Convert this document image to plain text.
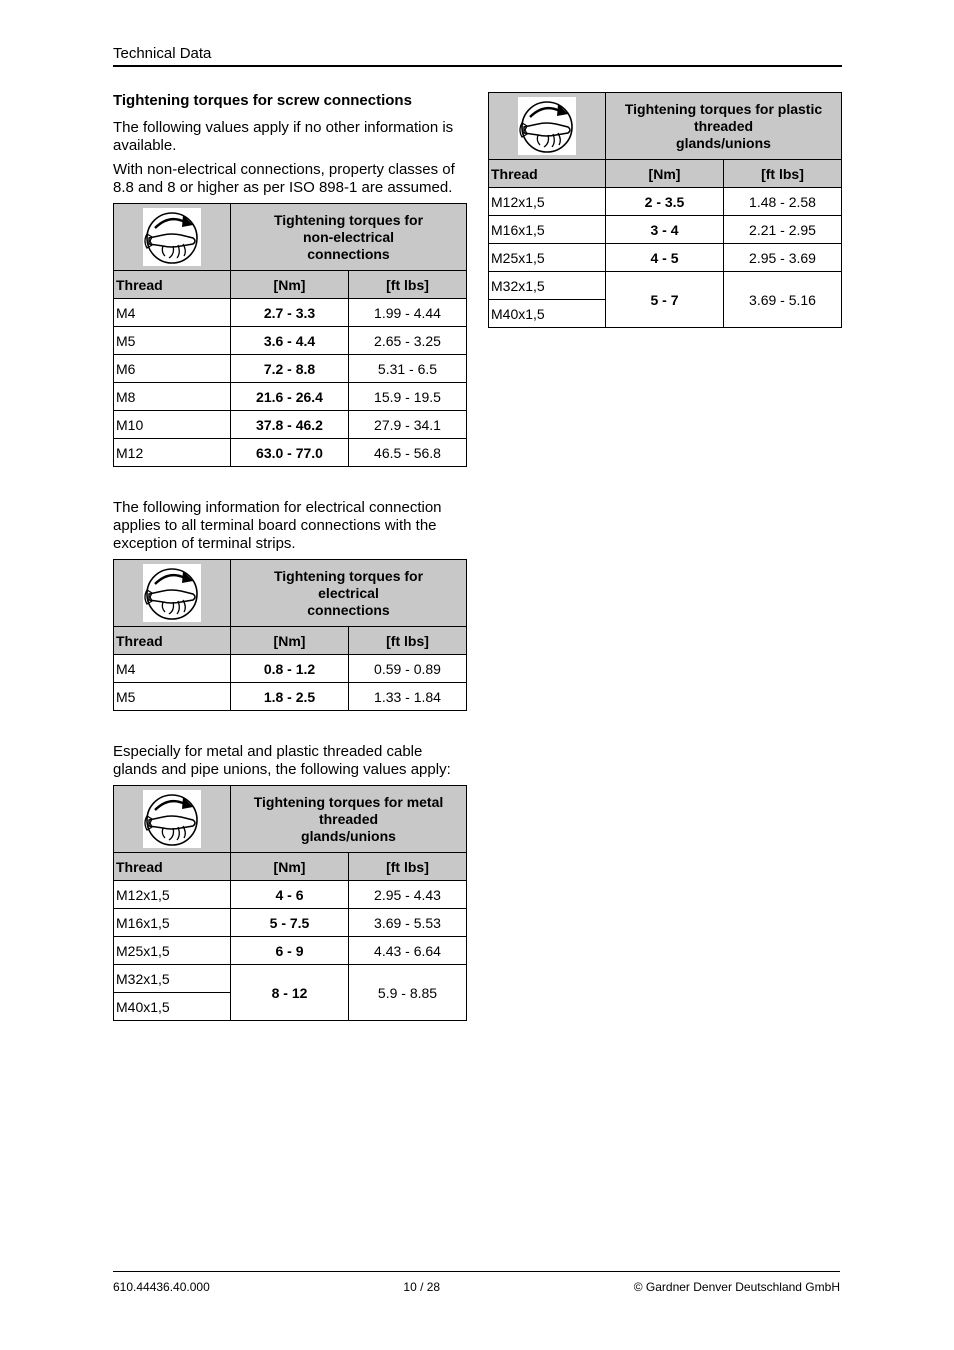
Technical Data
Tightening torques for screw connections

The following values apply if no other information is available.

With non-electrical connections, property classes of 8.8 and 8 or higher as per ISO 898-1 are assumed.

Tightening torques for
non-electrical
connections	

Thread	[Nm]	[ft lbs]
M4	2.7 - 3.3	1.99 - 4.44
M5	3.6 - 4.4	2.65 - 3.25
M6	7.2 - 8.8	5.31 - 6.5
M8	21.6 - 26.4	15.9 - 19.5
M10	37.8 - 46.2	27.9 - 34.1
M12	63.0 - 77.0	46.5 - 56.8

The following information for electrical connection applies to all terminal board connections with the exception of terminal strips.

Tightening torques for
electrical
connections	

Thread	[Nm]	[ft lbs]
M4	0.8 - 1.2	0.59 - 0.89
M5	1.8 - 2.5	1.33 - 1.84

Especially for metal and plastic threaded cable glands and pipe unions, the following values apply:

Tightening torques for metal
threaded
glands/unions	

Thread	[Nm]	[ft lbs]
M12x1,5	4 - 6	2.95 - 4.43
M16x1,5	5 - 7.5	3.69 - 5.53
M25x1,5	6 - 9	4.43 - 6.64
M32x1,5	8 - 12	5.9 - 8.85
M40x1,5		

Tightening torques for plastic
threaded
glands/unions	

Thread	[Nm]	[ft lbs]
M12x1,5	2 - 3.5	1.48 - 2.58
M16x1,5	3 - 4	2.21 - 2.95
M25x1,5	4 - 5	2.95 - 3.69
M32x1,5	5 - 7	3.69 - 5.16
M40x1,5		
610.44436.40.000	10 / 28	© Gardner Denver Deutschland GmbH
